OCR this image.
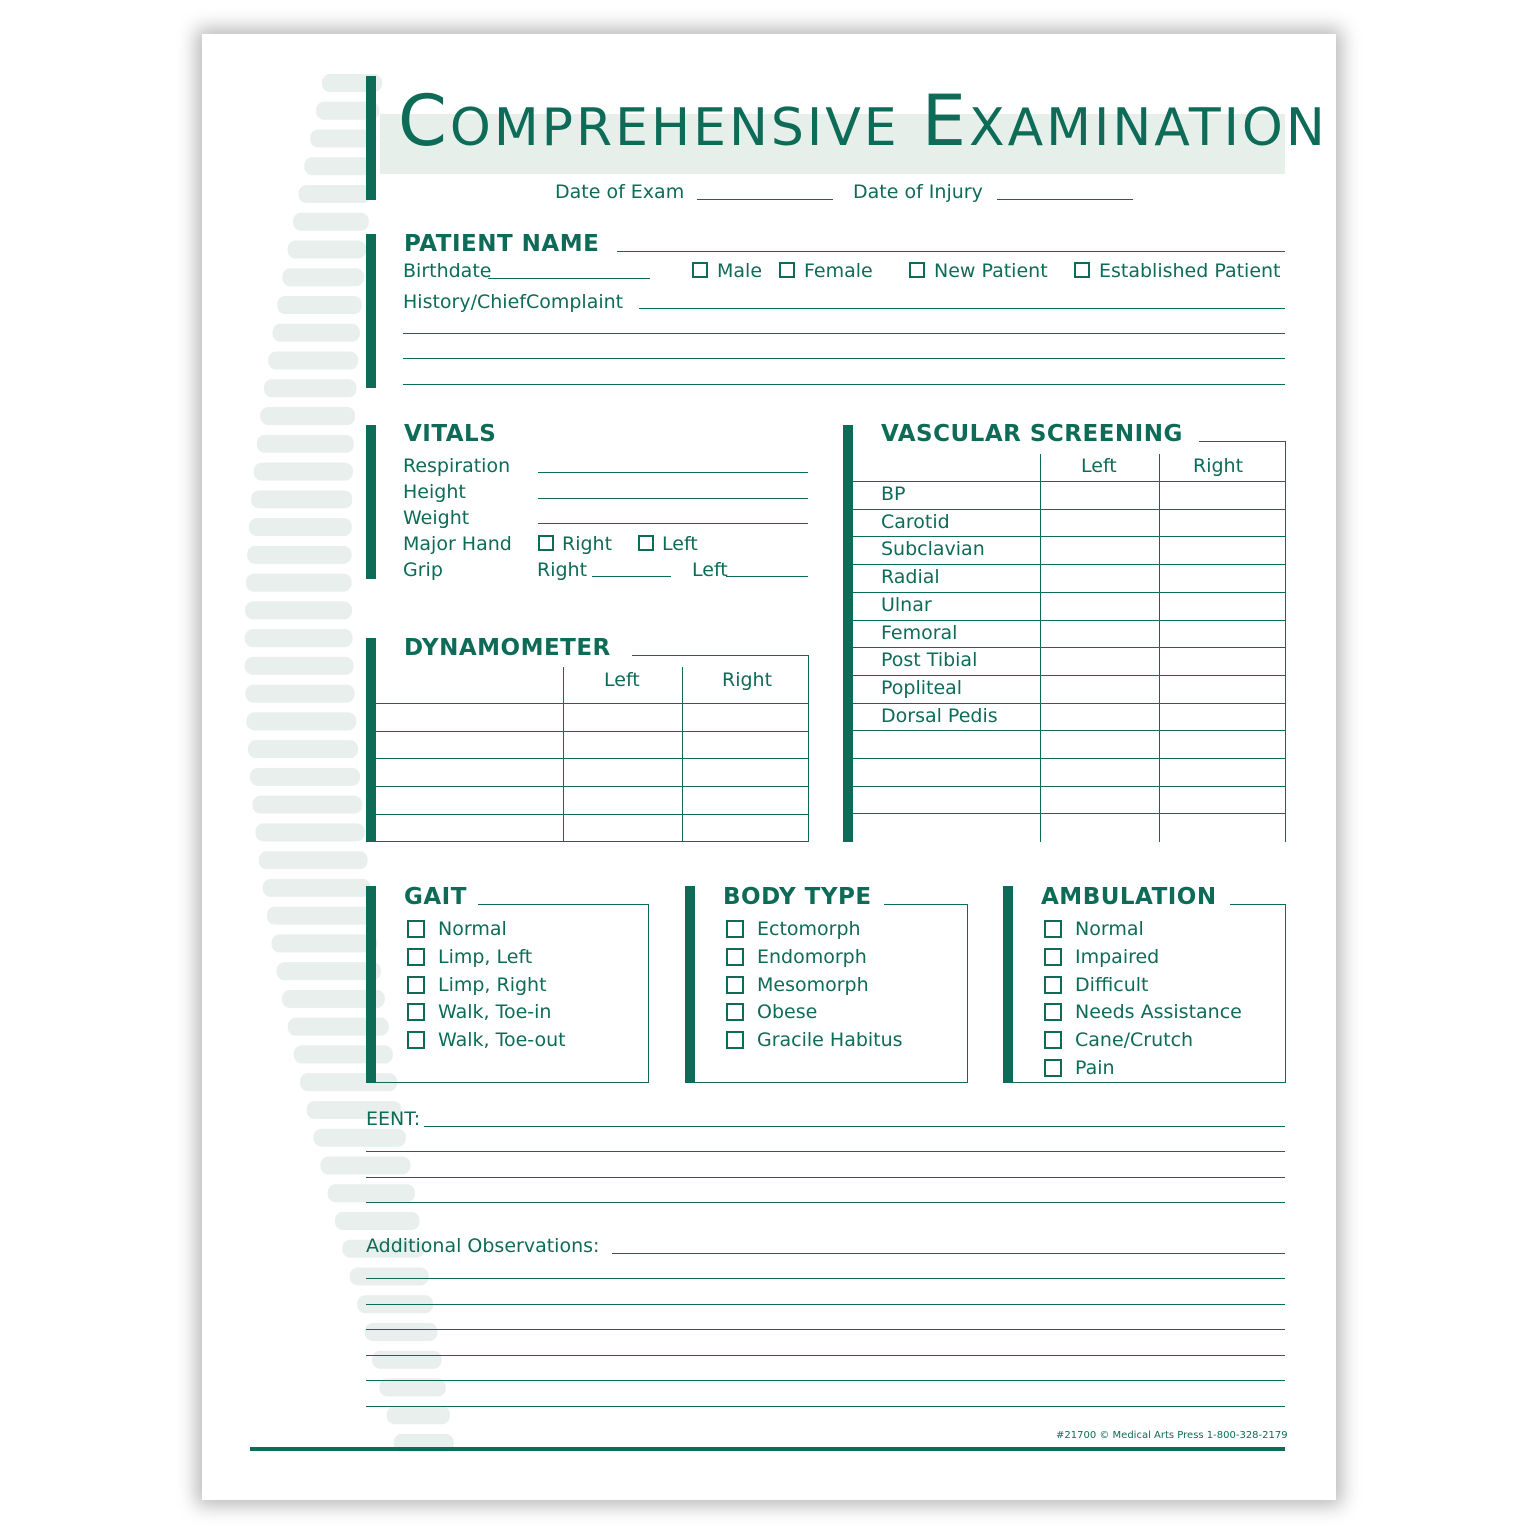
COMPREHENSIVE EXAMINATION
Date of Exam	Date of Injury
PATIENT NAME
Birthdate	Male Female	New Patient	Established Patient
History/ChiefComplaint
VITALS
Respiration
Height
Weight
Major Hand	Right	Left
Grip	Right	Left
DYNAMOMETER
Left	Right
VASCULAR SCREENING
Left	Right
BP
Carotid
Subclavian
Radial
Ulnar
Femoral
Post Tibial
Popliteal
Dorsal Pedis
GAIT
Normal
Limp, Left
Limp, Right
Walk, Toe-in
Walk, Toe-out
BODY TYPE
Ectomorph
Endomorph
Mesomorph
Obese
Gracile Habitus
AMBULATION
Normal
Impaired
Difficult
Needs Assistance
Cane/Crutch
Pain
EENT:
Additional Observations:
#21700 © Medical Arts Press 1-800-328-2179
